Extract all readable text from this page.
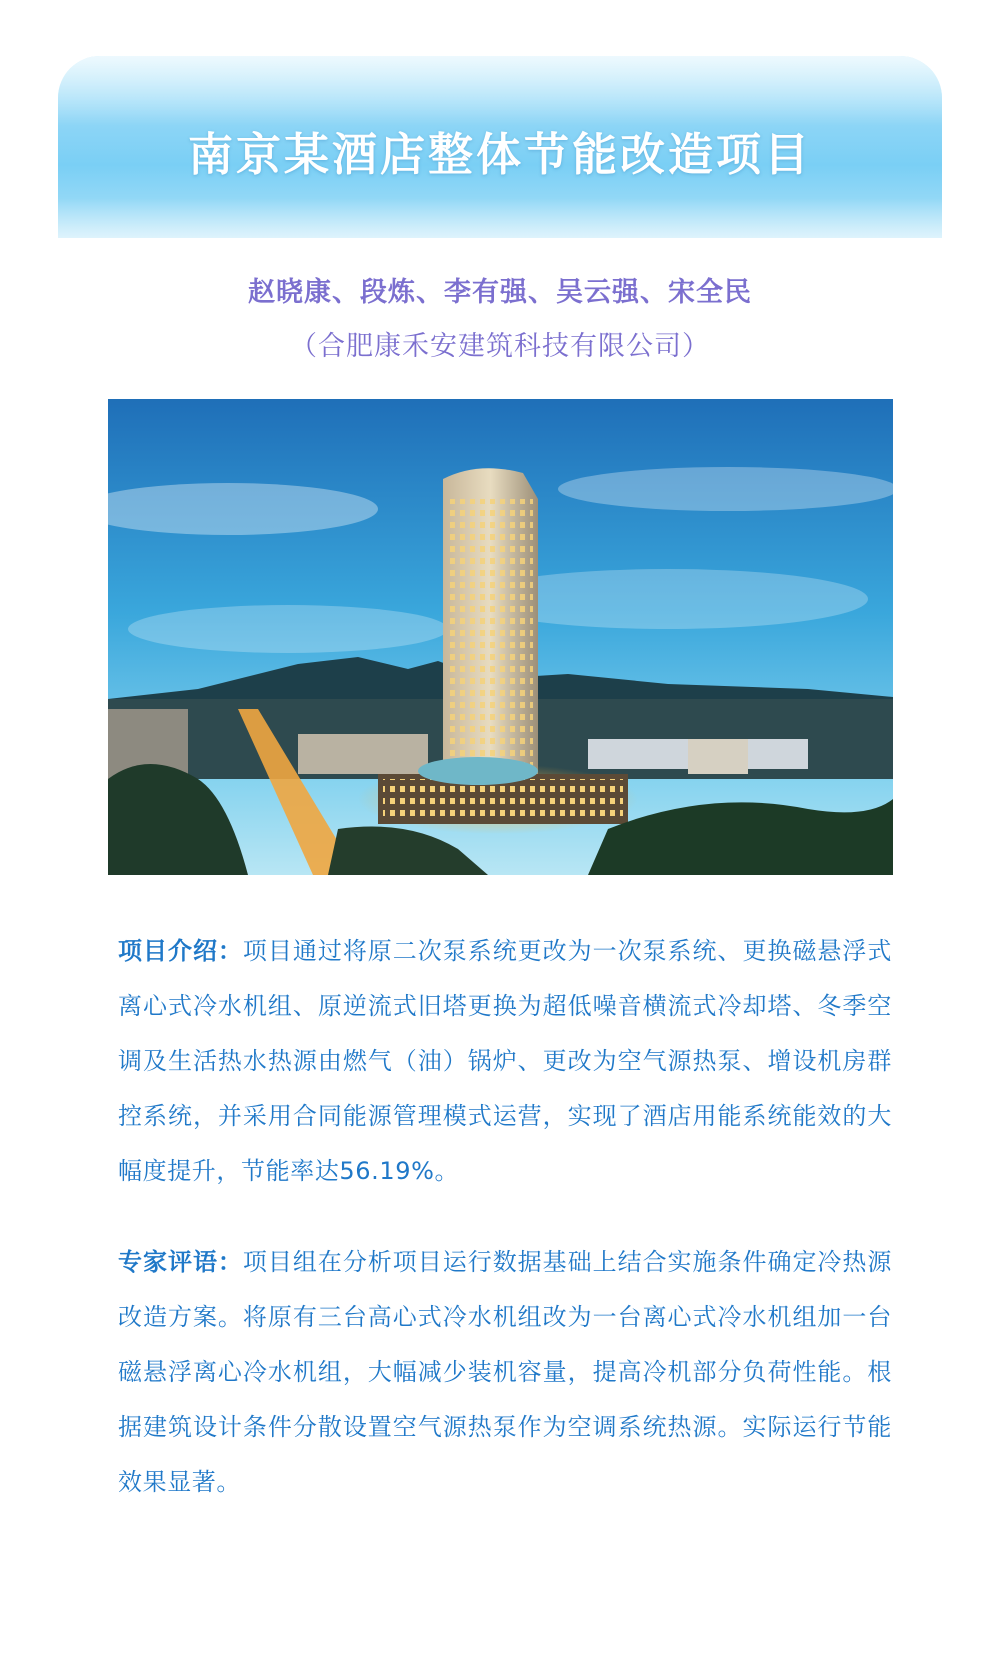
南京某酒店整体节能改造项目
赵晓康、段炼、李有强、吴云强、宋全民
（合肥康禾安建筑科技有限公司）
项目介绍：项目通过将原二次泵系统更改为一次泵系统、更换磁悬浮式离心式冷水机组、原逆流式旧塔更换为超低噪音横流式冷却塔、冬季空调及生活热水热源由燃气（油）锅炉、更改为空气源热泵、增设机房群控系统，并采用合同能源管理模式运营，实现了酒店用能系统能效的大幅度提升，节能率达56.19%。
专家评语：项目组在分析项目运行数据基础上结合实施条件确定冷热源改造方案。将原有三台高心式冷水机组改为一台离心式冷水机组加一台磁悬浮离心冷水机组，大幅减少装机容量，提高冷机部分负荷性能。根据建筑设计条件分散设置空气源热泵作为空调系统热源。实际运行节能效果显著。
